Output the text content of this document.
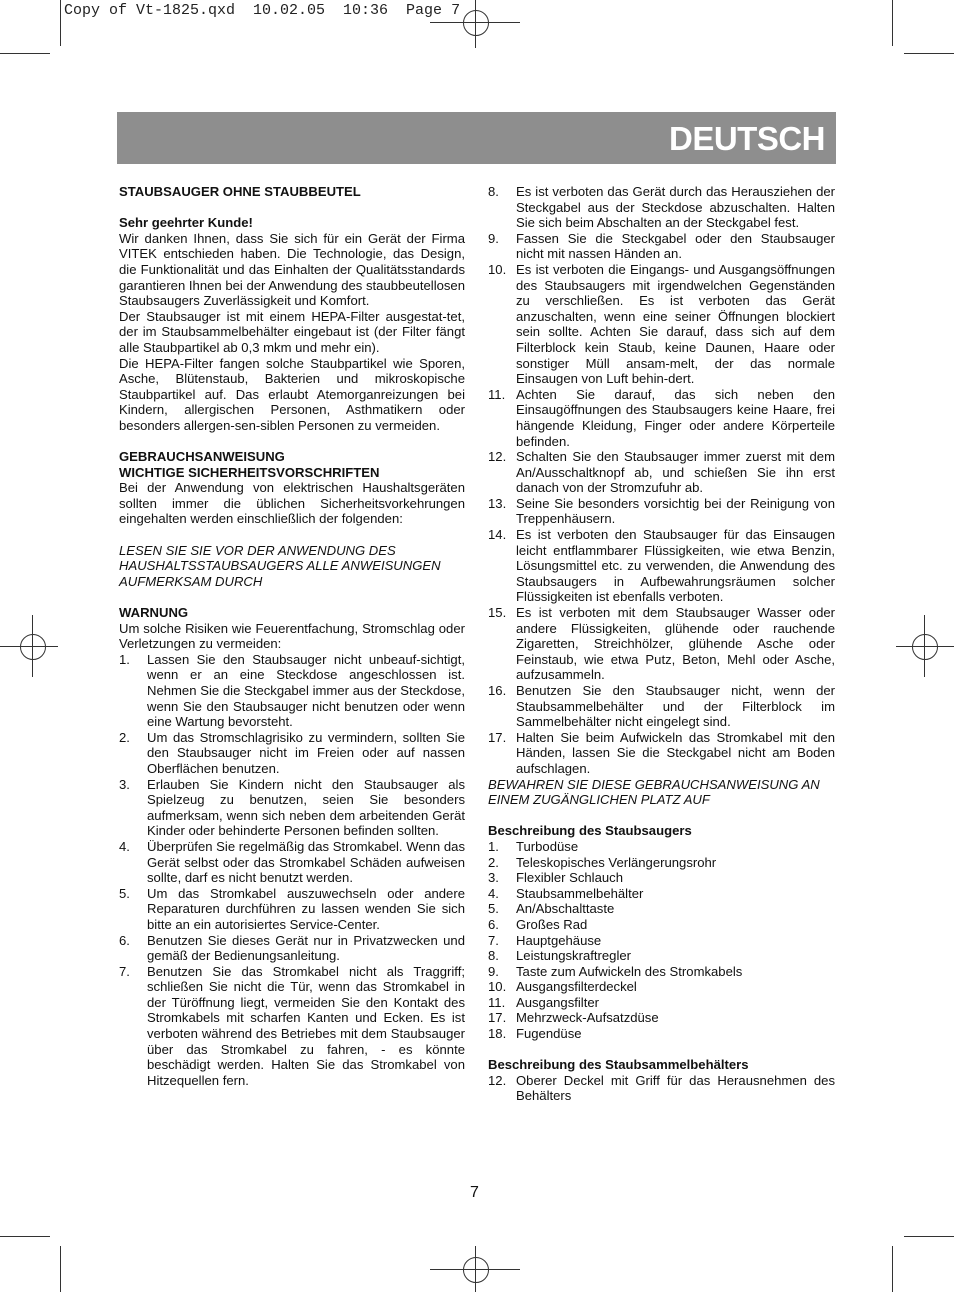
Copy of Vt-1825.qxd  10.02.05  10:36  Page 7
DEUTSCH

STAUBSAUGER OHNE STAUBBEUTEL

Sehr geehrter Kunde!

Wir danken Ihnen, dass Sie sich für ein Gerät der Firma VITEK entschieden haben. Die Technologie, das Design, die Funktionalität und das Einhalten der Qualitätsstandards garantieren Ihnen bei der Anwendung des staubbeutellosen Staubsaugers Zuverlässigkeit und Komfort.

Der Staubsauger ist mit einem HEPA-Filter ausgestat-tet, der im Staubsammelbehälter eingebaut ist (der Filter fängt alle Staubpartikel ab 0,3 mkm und mehr ein).

Die HEPA-Filter fangen solche Staubpartikel wie Sporen, Asche, Blütenstaub, Bakterien und mikroskopische Staubpartikel auf. Das erlaubt Atemorganreizungen bei Kindern, allergischen Personen, Asthmatikern oder besonders allergen-sen-siblen Personen zu vermeiden.

GEBRAUCHSANWEISUNG

WICHTIGE SICHERHEITSVORSCHRIFTEN

Bei der Anwendung von elektrischen Haushaltsgeräten sollten immer die üblichen Sicherheitsvorkehrungen eingehalten werden einschließlich der folgenden:

LESEN SIE SIE VOR DER ANWENDUNG DES HAUSHALTSSTAUBSAUGERS ALLE ANWEISUNGEN AUFMERKSAM DURCH

WARNUNG

Um solche Risiken wie Feuerentfachung, Stromschlag oder Verletzungen zu vermeiden:

1. Lassen Sie den Staubsauger nicht unbeauf-sichtigt, wenn er an eine Steckdose angeschlossen ist. Nehmen Sie die Steckgabel immer aus der Steckdose, wenn Sie den Staubsauger nicht benutzen oder wenn eine Wartung bevorsteht.
2. Um das Stromschlagrisiko zu vermindern, sollten Sie den Staubsauger nicht im Freien oder auf nassen Oberflächen benutzen.
3. Erlauben Sie Kindern nicht den Staubsauger als Spielzeug zu benutzen, seien Sie besonders aufmerksam, wenn sich neben dem arbeitenden Gerät Kinder oder behinderte Personen befinden sollten.
4. Überprüfen Sie regelmäßig das Stromkabel. Wenn das Gerät selbst oder das Stromkabel Schäden aufweisen sollte, darf es nicht benutzt werden.
5. Um das Stromkabel auszuwechseln oder andere Reparaturen durchführen zu lassen wenden Sie sich bitte an ein autorisiertes Service-Center.
6. Benutzen Sie dieses Gerät nur in Privatzwecken und gemäß der Bedienungsanleitung.
7. Benutzen Sie das Stromkabel nicht als Traggriff; schließen Sie nicht die Tür, wenn das Stromkabel in der Türöffnung liegt, vermeiden Sie den Kontakt des Stromkabels mit scharfen Kanten und Ecken. Es ist verboten während des Betriebes mit dem Staubsauger über das Stromkabel zu fahren, - es könnte beschädigt werden. Halten Sie das Stromkabel von Hitzequellen fern.
8. Es ist verboten das Gerät durch das Herausziehen der Steckgabel aus der Steckdose abzuschalten. Halten Sie sich beim Abschalten an der Steckgabel fest.
9. Fassen Sie die Steckgabel oder den Staubsauger nicht mit nassen Händen an.
10. Es ist verboten die Eingangs- und Ausgangsöffnungen des Staubsaugers mit irgendwelchen Gegenständen zu verschließen. Es ist verboten das Gerät anzuschalten, wenn eine seiner Öffnungen blockiert sein sollte. Achten Sie darauf, dass sich auf dem Filterblock kein Staub, keine Daunen, Haare oder sonstiger Müll ansam-melt, der das normale Einsaugen von Luft behin-dert.
11. Achten Sie darauf, das sich neben den Einsaugöffnungen des Staubsaugers keine Haare, frei hängende Kleidung, Finger oder andere Körperteile befinden.
12. Schalten Sie den Staubsauger immer zuerst mit dem An/Ausschaltknopf ab, und schießen Sie ihn erst danach von der Stromzufuhr ab.
13. Seine Sie besonders vorsichtig bei der Reinigung von Treppenhäusern.
14. Es ist verboten den Staubsauger für das Einsaugen leicht entflammbarer Flüssigkeiten, wie etwa Benzin, Lösungsmittel etc. zu verwenden, die Anwendung des Staubsaugers in Aufbewahrungsräumen solcher Flüssigkeiten ist ebenfalls verboten.
15. Es ist verboten mit dem Staubsauger Wasser oder andere Flüssigkeiten, glühende oder rauchende Zigaretten, Streichhölzer, glühende Asche oder Feinstaub, wie etwa Putz, Beton, Mehl oder Asche, aufzusammeln.
16. Benutzen Sie den Staubsauger nicht, wenn der Staubsammelbehälter und der Filterblock im Sammelbehälter nicht eingelegt sind.
17. Halten Sie beim Aufwickeln das Stromkabel mit den Händen, lassen Sie die Steckgabel nicht am Boden aufschlagen.

BEWAHREN SIE DIESE GEBRAUCHSANWEISUNG AN EINEM ZUGÄNGLICHEN PLATZ AUF

Beschreibung des Staubsaugers

1. Turbodüse
2. Teleskopisches Verlängerungsrohr
3. Flexibler Schlauch
4. Staubsammelbehälter
5. An/Abschalttaste
6. Großes Rad
7. Hauptgehäuse
8. Leistungskraftregler
9. Taste zum Aufwickeln des Stromkabels
10. Ausgangsfilterdeckel
11. Ausgangsfilter
17. Mehrzweck-Aufsatzdüse
18. Fugendüse

Beschreibung des Staubsammelbehälters

12. Oberer Deckel mit Griff für das Herausnehmen des Behälters
7
